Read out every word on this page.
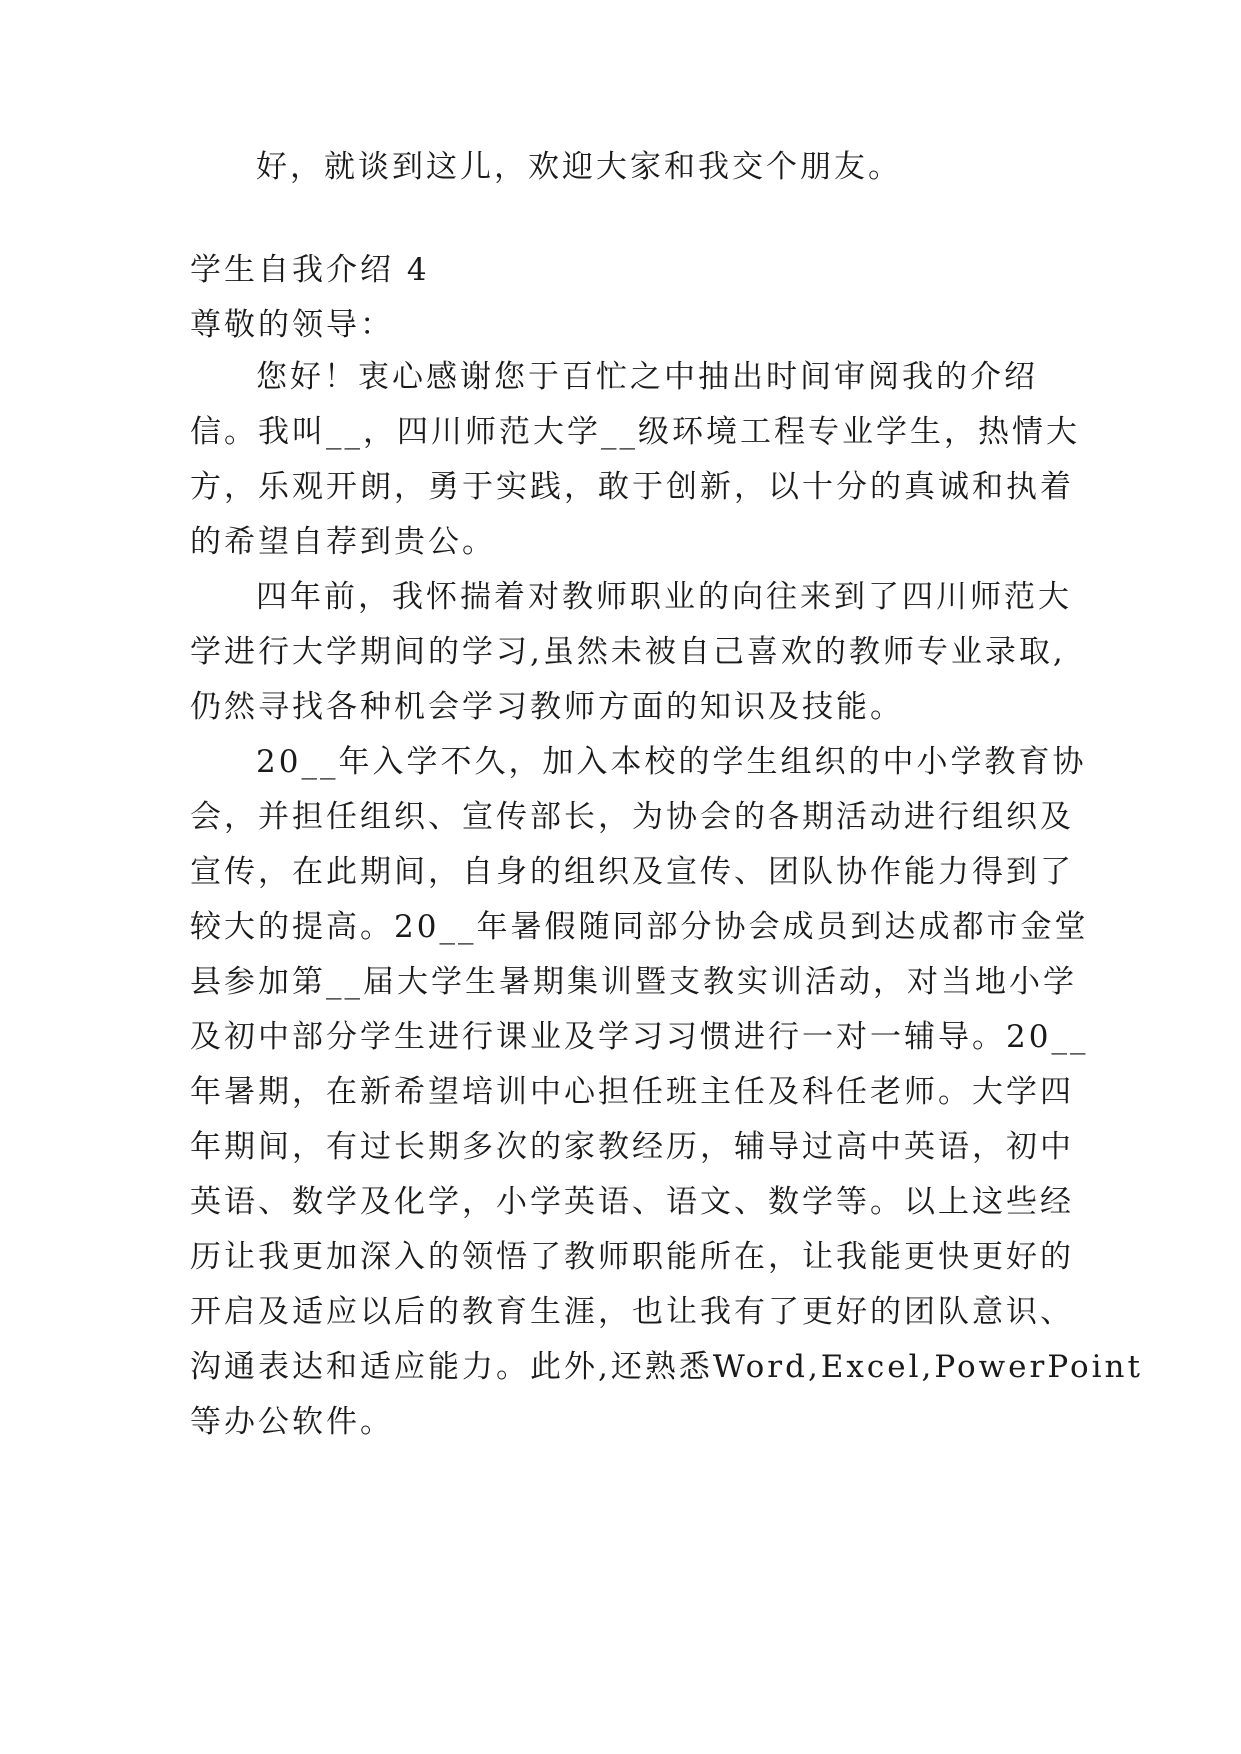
好，就谈到这儿，欢迎大家和我交个朋友。

学生自我介绍 4

尊敬的领导：

您好！衷心感谢您于百忙之中抽出时间审阅我的介绍

信。我叫__，四川师范大学__级环境工程专业学生，热情大

方，乐观开朗，勇于实践，敢于创新，以十分的真诚和执着

的希望自荐到贵公。

四年前，我怀揣着对教师职业的向往来到了四川师范大

学进行大学期间的学习,虽然未被自己喜欢的教师专业录取,

仍然寻找各种机会学习教师方面的知识及技能。

20__年入学不久，加入本校的学生组织的中小学教育协

会，并担任组织、宣传部长，为协会的各期活动进行组织及

宣传，在此期间，自身的组织及宣传、团队协作能力得到了

较大的提高。20__年暑假随同部分协会成员到达成都市金堂

县参加第__届大学生暑期集训暨支教实训活动，对当地小学

及初中部分学生进行课业及学习习惯进行一对一辅导。20__

年暑期，在新希望培训中心担任班主任及科任老师。大学四

年期间，有过长期多次的家教经历，辅导过高中英语，初中

英语、数学及化学，小学英语、语文、数学等。以上这些经

历让我更加深入的领悟了教师职能所在，让我能更快更好的

开启及适应以后的教育生涯，也让我有了更好的团队意识、

沟通表达和适应能力。此外,还熟悉Word,Excel,PowerPoint

等办公软件。
